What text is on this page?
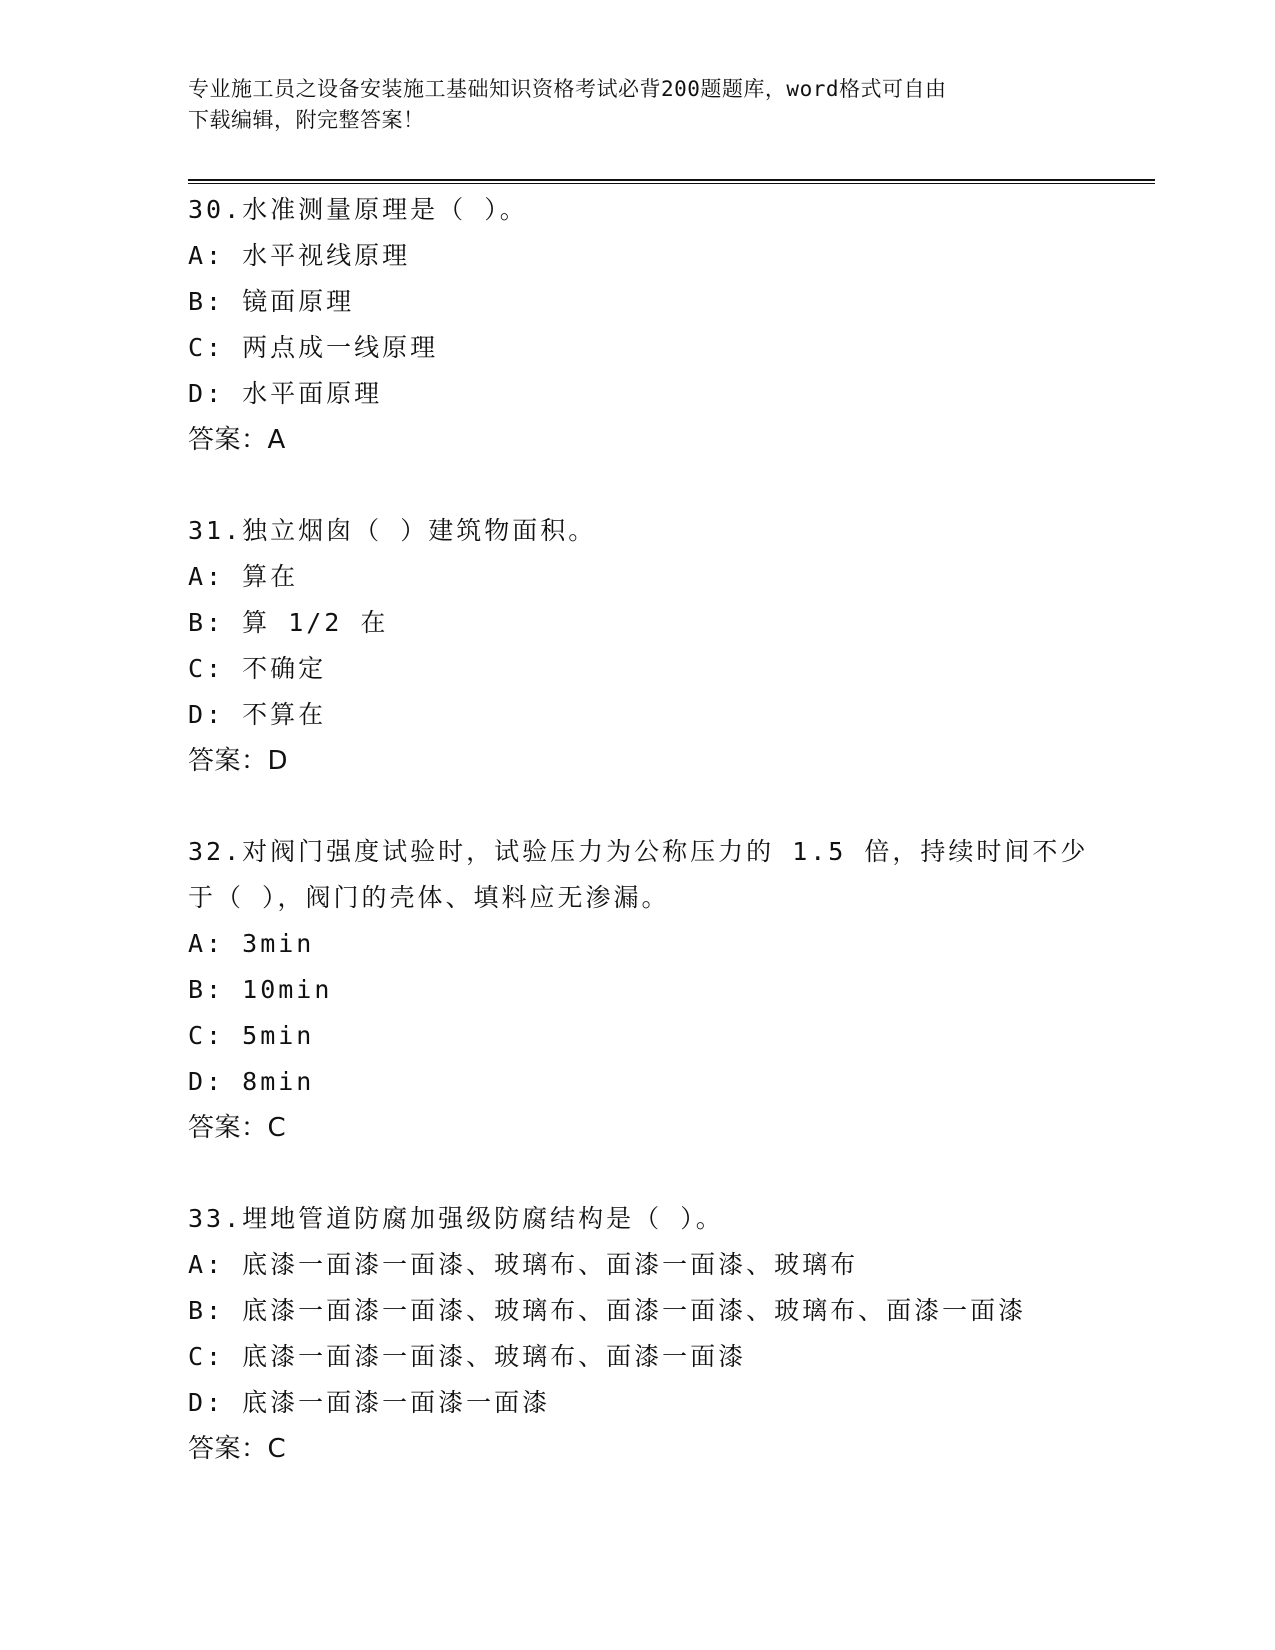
专业施工员之设备安装施工基础知识资格考试必背200题题库，word格式可自由
下载编辑，附完整答案！
30.水准测量原理是（ ）。
A: 水平视线原理
B: 镜面原理
C: 两点成一线原理
D: 水平面原理
答案：A
31.独立烟囱（ ）建筑物面积。
A: 算在
B: 算 1/2 在
C: 不确定
D: 不算在
答案：D
32.对阀门强度试验时，试验压力为公称压力的 1.5 倍，持续时间不少
于（ ），阀门的壳体、填料应无渗漏。
A: 3min
B: 10min
C: 5min
D: 8min
答案：C
33.埋地管道防腐加强级防腐结构是（ ）。
A: 底漆一面漆一面漆、玻璃布、面漆一面漆、玻璃布
B: 底漆一面漆一面漆、玻璃布、面漆一面漆、玻璃布、面漆一面漆
C: 底漆一面漆一面漆、玻璃布、面漆一面漆
D: 底漆一面漆一面漆一面漆
答案：C
